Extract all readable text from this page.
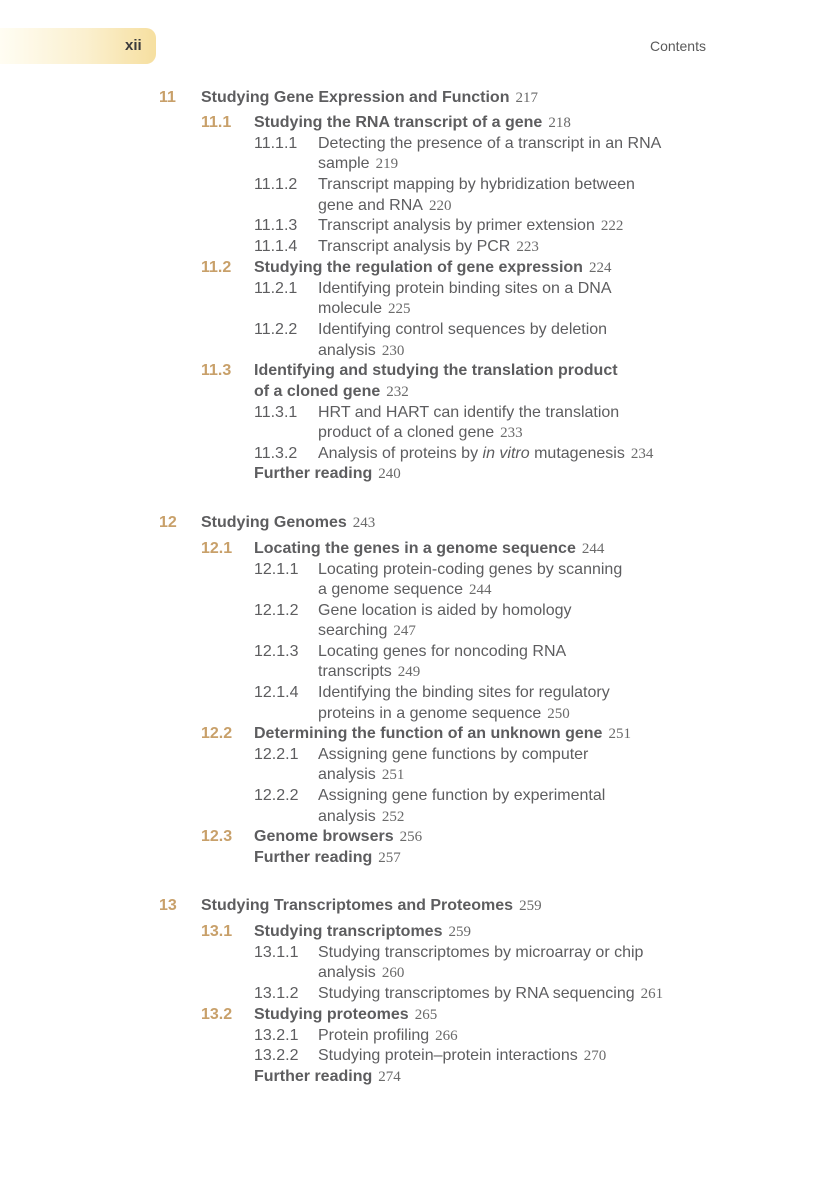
xii	Contents
11 Studying Gene Expression and Function 217
11.1 Studying the RNA transcript of a gene 218
11.1.1 Detecting the presence of a transcript in an RNA
sample 219
11.1.2 Transcript mapping by hybridization between
gene and RNA 220
11.1.3 Transcript analysis by primer extension 222
11.1.4 Transcript analysis by PCR 223
11.2 Studying the regulation of gene expression 224
11.2.1 Identifying protein binding sites on a DNA
molecule 225
11.2.2 Identifying control sequences by deletion
analysis 230
11.3 Identifying and studying the translation product
of a cloned gene 232
11.3.1 HRT and HART can identify the translation
product of a cloned gene 233
11.3.2 Analysis of proteins by in vitro mutagenesis 234
Further reading 240
12 Studying Genomes 243
12.1 Locating the genes in a genome sequence 244
12.1.1 Locating protein-coding genes by scanning
a genome sequence 244
12.1.2 Gene location is aided by homology
searching 247
12.1.3 Locating genes for noncoding RNA
transcripts 249
12.1.4 Identifying the binding sites for regulatory
proteins in a genome sequence 250
12.2 Determining the function of an unknown gene 251
12.2.1 Assigning gene functions by computer
analysis 251
12.2.2 Assigning gene function by experimental
analysis 252
12.3 Genome browsers 256
Further reading 257
13 Studying Transcriptomes and Proteomes 259
13.1 Studying transcriptomes 259
13.1.1 Studying transcriptomes by microarray or chip
analysis 260
13.1.2 Studying transcriptomes by RNA sequencing 261
13.2 Studying proteomes 265
13.2.1 Protein profiling 266
13.2.2 Studying protein–protein interactions 270
Further reading 274
